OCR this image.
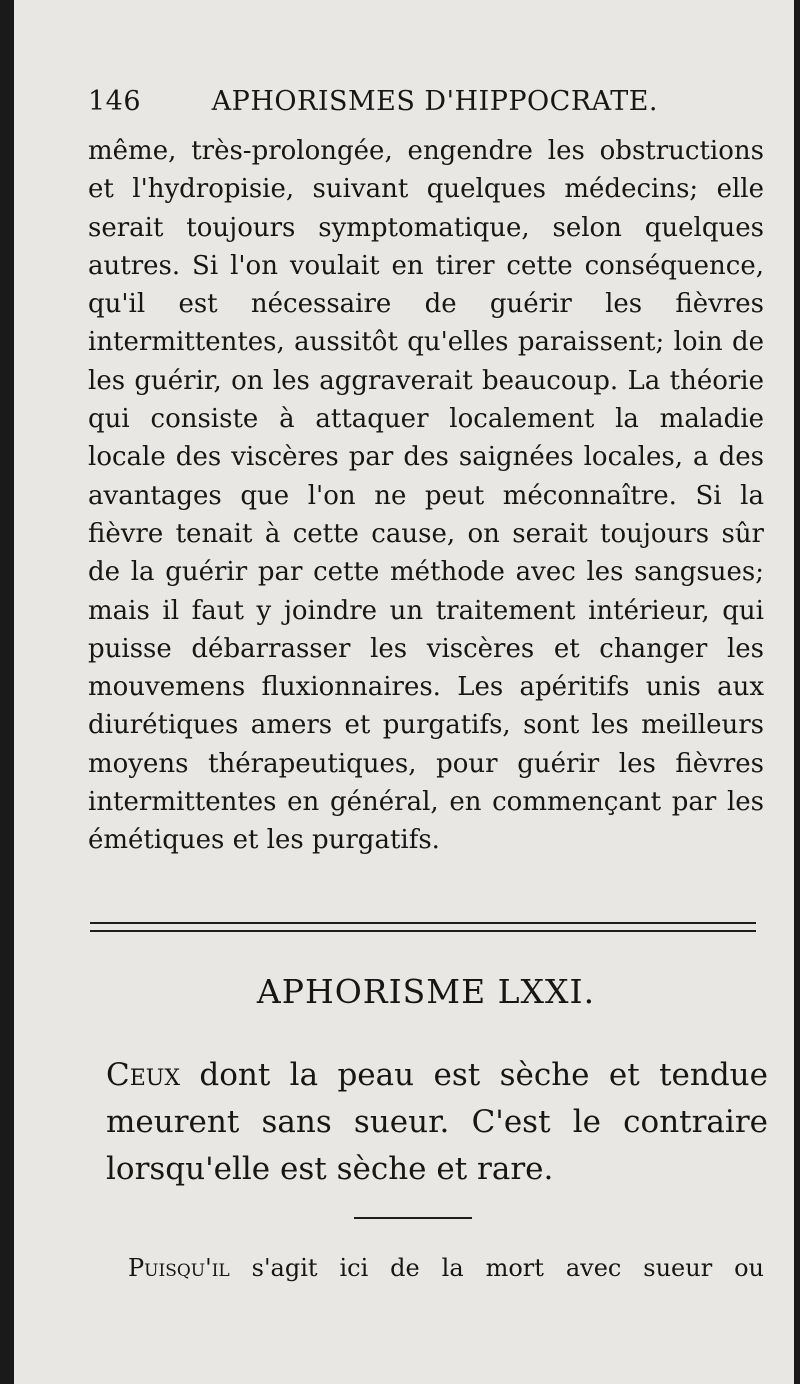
146	APHORISMES D'HIPPOCRATE.

même, très-prolongée, engendre les obstructions et l'hydropisie, suivant quelques médecins; elle serait toujours symptomatique, selon quelques autres. Si l'on voulait en tirer cette conséquence, qu'il est nécessaire de guérir les fièvres intermittentes, aussitôt qu'elles paraissent; loin de les guérir, on les aggraverait beaucoup. La théorie qui consiste à attaquer localement la maladie locale des viscères par des saignées locales, a des avantages que l'on ne peut méconnaître. Si la fièvre tenait à cette cause, on serait toujours sûr de la guérir par cette méthode avec les sangsues; mais il faut y joindre un traitement intérieur, qui puisse débarrasser les viscères et changer les mouvemens fluxionnaires. Les apéritifs unis aux diurétiques amers et purgatifs, sont les meilleurs moyens thérapeutiques, pour guérir les fièvres intermittentes en général, en commençant par les émétiques et les purgatifs.

APHORISME LXXI.

Ceux dont la peau est sèche et tendue meurent sans sueur. C'est le contraire lorsqu'elle est sèche et rare.

Puisqu'il s'agit ici de la mort avec sueur ou
